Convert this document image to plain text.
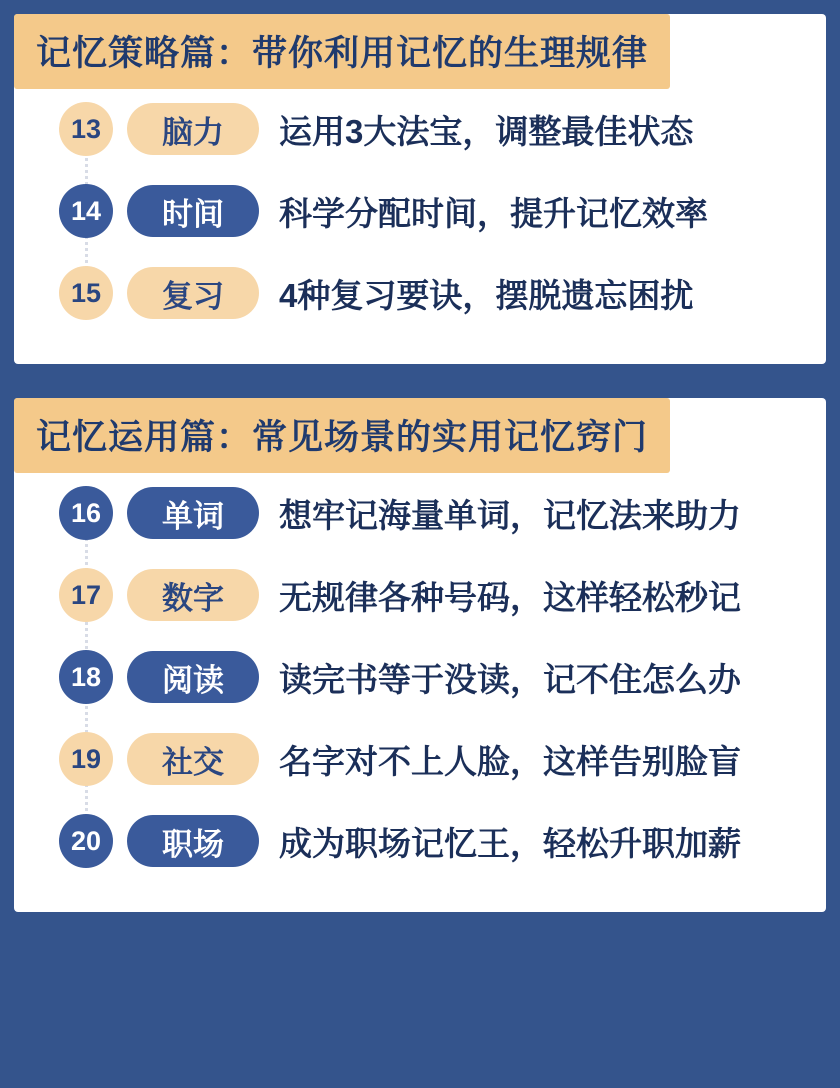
记忆策略篇：带你利用记忆的生理规律
13	脑力	运用3大法宝，调整最佳状态
14	时间	科学分配时间，提升记忆效率
15	复习	4种复习要诀，摆脱遗忘困扰
记忆运用篇：常见场景的实用记忆窍门
16	单词	想牢记海量单词，记忆法来助力
17	数字	无规律各种号码，这样轻松秒记
18	阅读	读完书等于没读，记不住怎么办
19	社交	名字对不上人脸，这样告别脸盲
20	职场	成为职场记忆王，轻松升职加薪
